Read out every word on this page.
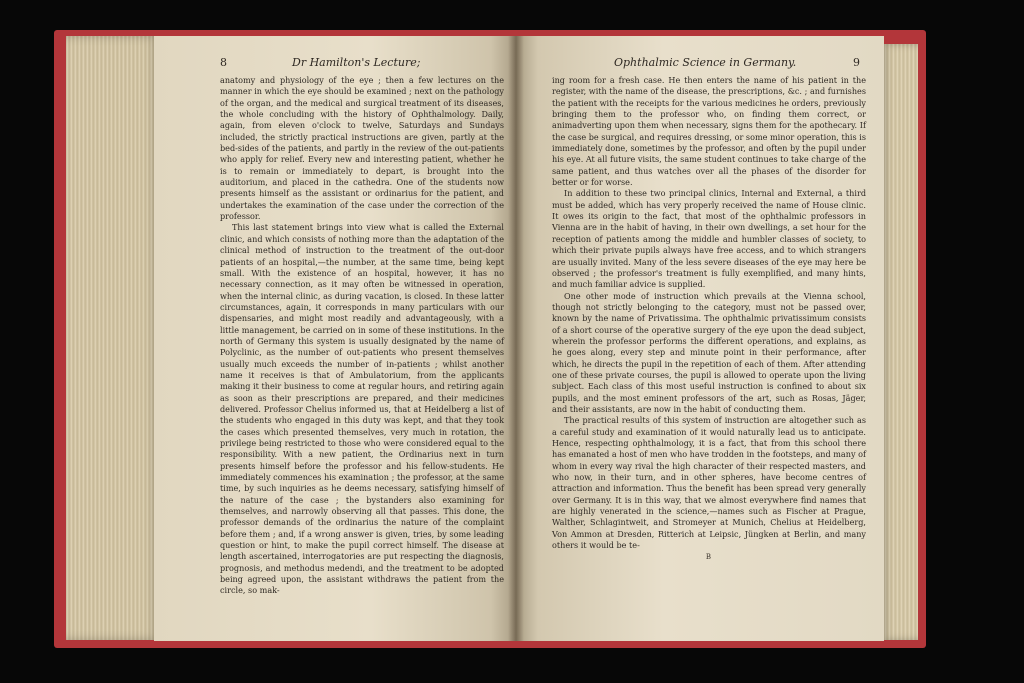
8	Dr Hamilton's Lecture;

anatomy and physiology of the eye ; then a few lectures on the manner in which the eye should be examined ; next on the pathology of the organ, and the medical and surgical treatment of its diseases, the whole concluding with the history of Ophthalmology. Daily, again, from eleven o'clock to twelve, Saturdays and Sundays included, the strictly practical instructions are given, partly at the bed-sides of the patients, and partly in the review of the out-patients who apply for relief. Every new and interesting patient, whether he is to remain or immediately to depart, is brought into the auditorium, and placed in the cathedra. One of the students now presents himself as the assistant or ordinarius for the patient, and undertakes the examination of the case under the correction of the professor.

This last statement brings into view what is called the External clinic, and which consists of nothing more than the adaptation of the clinical method of instruction to the treatment of the out-door patients of an hospital,—the number, at the same time, being kept small. With the existence of an hospital, however, it has no necessary connection, as it may often be witnessed in operation, when the internal clinic, as during vacation, is closed. In these latter circumstances, again, it corresponds in many particulars with our dispensaries, and might most readily and advantageously, with a little management, be carried on in some of these institutions. In the north of Germany this system is usually designated by the name of Polyclinic, as the number of out-patients who present themselves usually much exceeds the number of in-patients ; whilst another name it receives is that of Ambulatorium, from the applicants making it their business to come at regular hours, and retiring again as soon as their prescriptions are prepared, and their medicines delivered. Professor Chelius informed us, that at Heidelberg a list of the students who engaged in this duty was kept, and that they took the cases which presented themselves, very much in rotation, the privilege being restricted to those who were considered equal to the responsibility. With a new patient, the Ordinarius next in turn presents himself before the professor and his fellow-students. He immediately commences his examination ; the professor, at the same time, by such inquiries as he deems necessary, satisfying himself of the nature of the case ; the bystanders also examining for themselves, and narrowly observing all that passes. This done, the professor demands of the ordinarius the nature of the complaint before them ; and, if a wrong answer is given, tries, by some leading question or hint, to make the pupil correct himself. The disease at length ascertained, interrogatories are put respecting the diagnosis, prognosis, and methodus medendi, and the treatment to be adopted being agreed upon, the assistant withdraws the patient from the circle, so mak-

Ophthalmic Science in Germany.	9

ing room for a fresh case. He then enters the name of his patient in the register, with the name of the disease, the prescriptions, &c. ; and furnishes the patient with the receipts for the various medicines he orders, previously bringing them to the professor who, on finding them correct, or animadverting upon them when necessary, signs them for the apothecary. If the case be surgical, and requires dressing, or some minor operation, this is immediately done, sometimes by the professor, and often by the pupil under his eye. At all future visits, the same student continues to take charge of the same patient, and thus watches over all the phases of the disorder for better or for worse.

In addition to these two principal clinics, Internal and External, a third must be added, which has very properly received the name of House clinic. It owes its origin to the fact, that most of the ophthalmic professors in Vienna are in the habit of having, in their own dwellings, a set hour for the reception of patients among the middle and humbler classes of society, to which their private pupils always have free access, and to which strangers are usually invited. Many of the less severe diseases of the eye may here be observed ; the professor's treatment is fully exemplified, and many hints, and much familiar advice is supplied.

One other mode of instruction which prevails at the Vienna school, though not strictly belonging to the category, must not be passed over, known by the name of Privatissima. The ophthalmic privatissimum consists of a short course of the operative surgery of the eye upon the dead subject, wherein the professor performs the different operations, and explains, as he goes along, every step and minute point in their performance, after which, he directs the pupil in the repetition of each of them. After attending one of these private courses, the pupil is allowed to operate upon the living subject. Each class of this most useful instruction is confined to about six pupils, and the most eminent professors of the art, such as Rosas, Jäger, and their assistants, are now in the habit of conducting them.

The practical results of this system of instruction are altogether such as a careful study and examination of it would naturally lead us to anticipate. Hence, respecting ophthalmology, it is a fact, that from this school there has emanated a host of men who have trodden in the footsteps, and many of whom in every way rival the high character of their respected masters, and who now, in their turn, and in other spheres, have become centres of attraction and information. Thus the benefit has been spread very generally over Germany. It is in this way, that we almost everywhere find names that are highly venerated in the science,—names such as Fischer at Prague, Walther, Schlagintweit, and Stromeyer at Munich, Chelius at Heidelberg, Von Ammon at Dresden, Ritterich at Leipsic, Jüngken at Berlin, and many others it would be te-

B
